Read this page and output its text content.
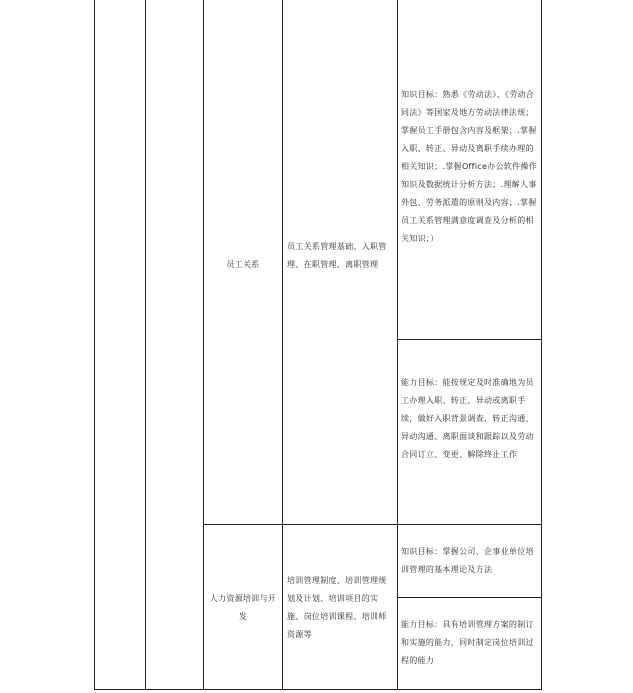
员工关系
员工关系管理基础、入职管理、在职管理、离职管理
知识目标：熟悉《劳动法》、《劳动合同法》等国家及地方劳动法律法规；掌握员工手册包含内容及框架；.掌握入职、转正、异动及离职手续办理的相关知识；.掌握Office办公软件操作知识及数据统计分析方法；.理解人事外包、劳务派遣的原则及内容；.掌握员工关系管理满意度调查及分析的相关知识；）
能力目标：能按规定及时准确地为员工办理入职、转正、异动或离职手续，做好入职背景调查、转正沟通、异动沟通、离职面谈和跟踪以及劳动合同订立、变更、解除终止工作
人力资源培训与开发
培训管理制度、培训管理规划及计划、培训项目的实施、岗位培训课程、培训师资源等
知识目标：掌握公司、企事业单位培训管理的基本理论及方法
能力目标：具有培训管理方案的制订和实施的能力，同时制定岗位培训过程的能力
